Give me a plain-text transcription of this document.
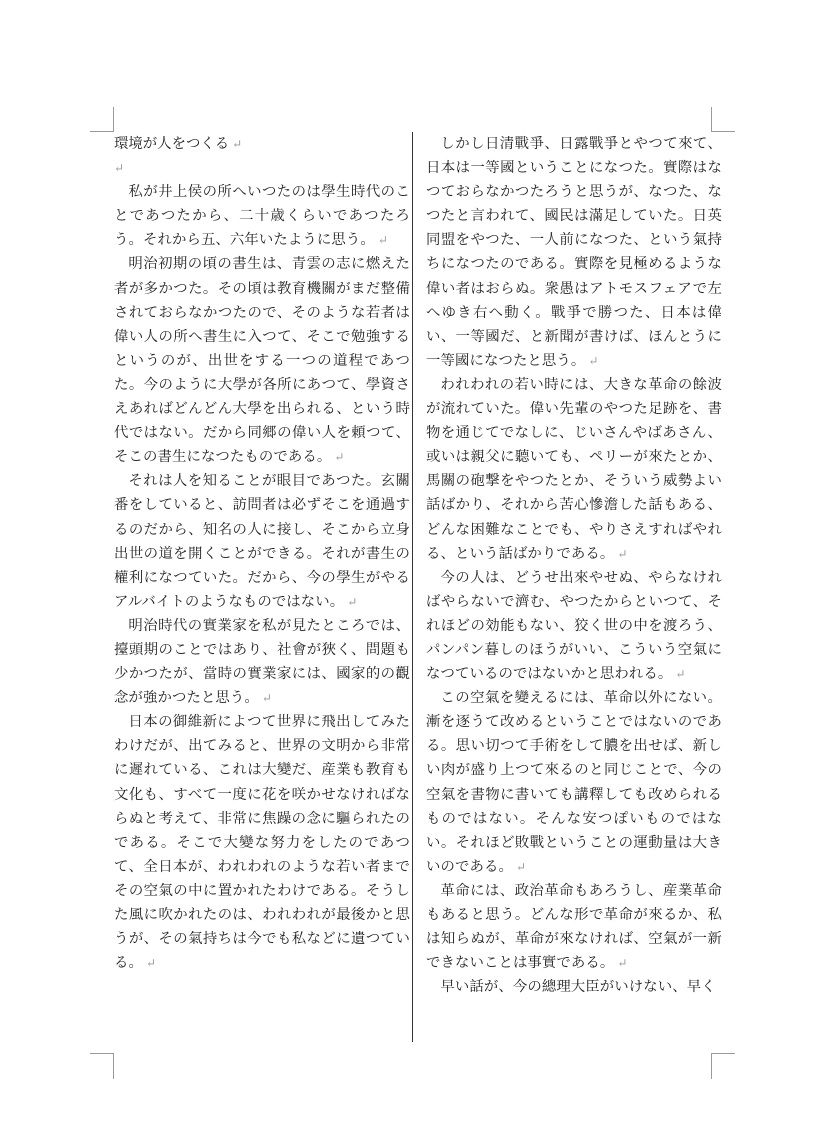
環境が人をつくる ↵

↵

私が井上侯の所へいつたのは學生時代のことであつたから、二十歳くらいであつたろう。それから五、六年いたように思う。 ↵

明治初期の頃の書生は、青雲の志に燃えた者が多かつた。その頃は教育機關がまだ整備されておらなかつたので、そのような若者は偉い人の所へ書生に入つて、そこで勉強するというのが、出世をする一つの道程であつた。今のように大學が各所にあつて、學資さえあればどんどん大學を出られる、という時代ではない。だから同郷の偉い人を頼つて、そこの書生になつたものである。 ↵

それは人を知ることが眼目であつた。玄關番をしていると、訪問者は必ずそこを通過するのだから、知名の人に接し、そこから立身出世の道を開くことができる。それが書生の權利になつていた。だから、今の學生がやるアルバイトのようなものではない。 ↵

明治時代の實業家を私が見たところでは、擡頭期のことではあり、社會が狹く、問題も少かつたが、當時の實業家には、國家的の觀念が強かつたと思う。 ↵

日本の御維新によつて世界に飛出してみたわけだが、出てみると、世界の文明から非常に遲れている、これは大變だ、産業も教育も文化も、すべて一度に花を咲かせなければならぬと考えて、非常に焦躁の念に驅られたのである。そこで大變な努力をしたのであつて、全日本が、われわれのような若い者までその空氣の中に置かれたわけである。そうした風に吹かれたのは、われわれが最後かと思うが、その氣持ちは今でも私などに遺つている。 ↵

しかし日清戰爭、日露戰爭とやつて來て、日本は一等國ということになつた。實際はなつておらなかつたろうと思うが、なつた、なつたと言われて、國民は滿足していた。日英同盟をやつた、一人前になつた、という氣持ちになつたのである。實際を見極めるような偉い者はおらぬ。衆愚はアトモスフェアで左へゆき右へ動く。戰爭で勝つた、日本は偉い、一等國だ、と新聞が書けば、ほんとうに一等國になつたと思う。 ↵

われわれの若い時には、大きな革命の餘波が流れていた。偉い先輩のやつた足跡を、書物を通じてでなしに、じいさんやばあさん、或いは親父に聽いても、ペリーが來たとか、馬關の砲撃をやつたとか、そういう威勢よい話ばかり、それから苦心慘澹した話もある、どんな困難なことでも、やりさえすればやれる、という話ばかりである。 ↵

今の人は、どうせ出來やせぬ、やらなければやらないで濟む、やつたからといつて、それほどの効能もない、狡く世の中を渡ろう、パンパン暮しのほうがいい、こういう空氣になつているのではないかと思われる。 ↵

この空氣を變えるには、革命以外にない。漸を逐うて改めるということではないのである。思い切つて手術をして膿を出せば、新しい肉が盛り上つて來るのと同じことで、今の空氣を書物に書いても講釋しても改められるものではない。そんな安つぽいものではない。それほど敗戰ということの運動量は大きいのである。 ↵

革命には、政治革命もあろうし、産業革命もあると思う。どんな形で革命が來るか、私は知らぬが、革命が來なければ、空氣が一新できないことは事實である。 ↵

早い話が、今の總理大臣がいけない、早く
